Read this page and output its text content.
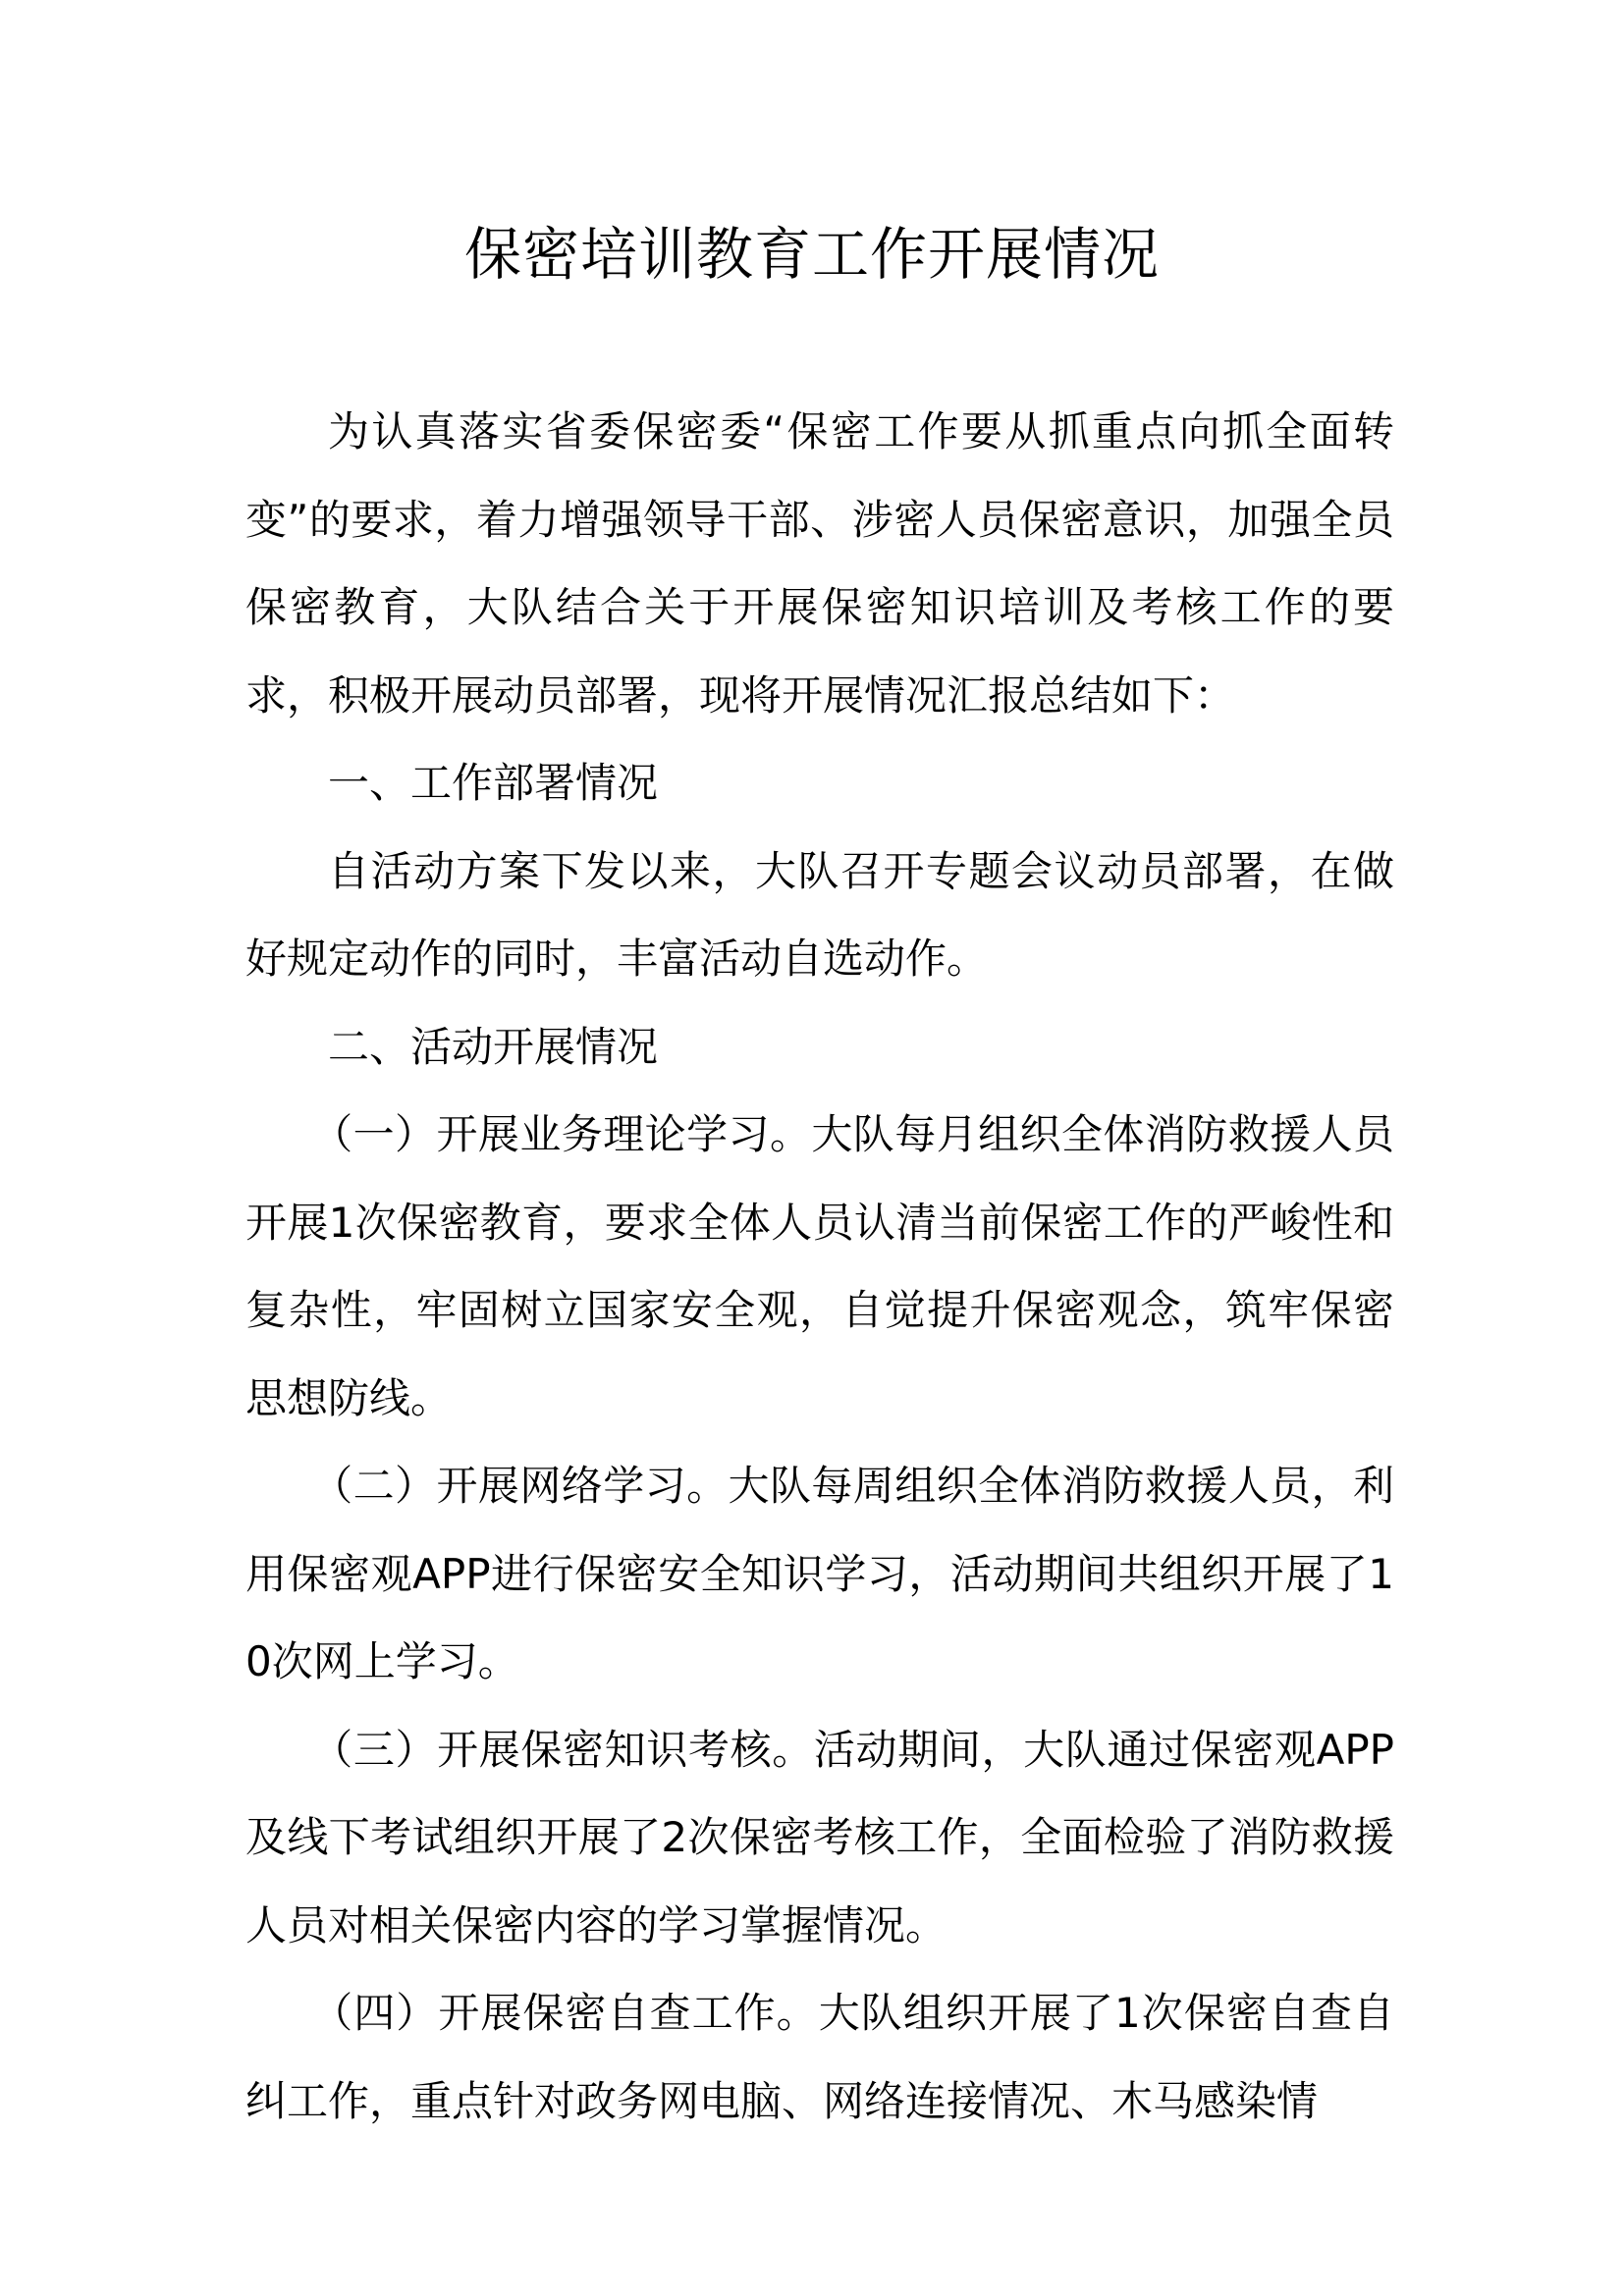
保密培训教育工作开展情况

为认真落实省委保密委“保密工作要从抓重点向抓全面转变”的要求，着力增强领导干部、涉密人员保密意识，加强全员保密教育，大队结合关于开展保密知识培训及考核工作的要求，积极开展动员部署，现将开展情况汇报总结如下：

一、工作部署情况

自活动方案下发以来，大队召开专题会议动员部署，在做好规定动作的同时，丰富活动自选动作。

二、活动开展情况

（一）开展业务理论学习。大队每月组织全体消防救援人员开展1次保密教育，要求全体人员认清当前保密工作的严峻性和复杂性，牢固树立国家安全观，自觉提升保密观念，筑牢保密思想防线。

（二）开展网络学习。大队每周组织全体消防救援人员，利用保密观APP进行保密安全知识学习，活动期间共组织开展了10次网上学习。

（三）开展保密知识考核。活动期间，大队通过保密观APP及线下考试组织开展了2次保密考核工作，全面检验了消防救援人员对相关保密内容的学习掌握情况。

（四）开展保密自查工作。大队组织开展了1次保密自查自纠工作，重点针对政务网电脑、网络连接情况、木马感染情
